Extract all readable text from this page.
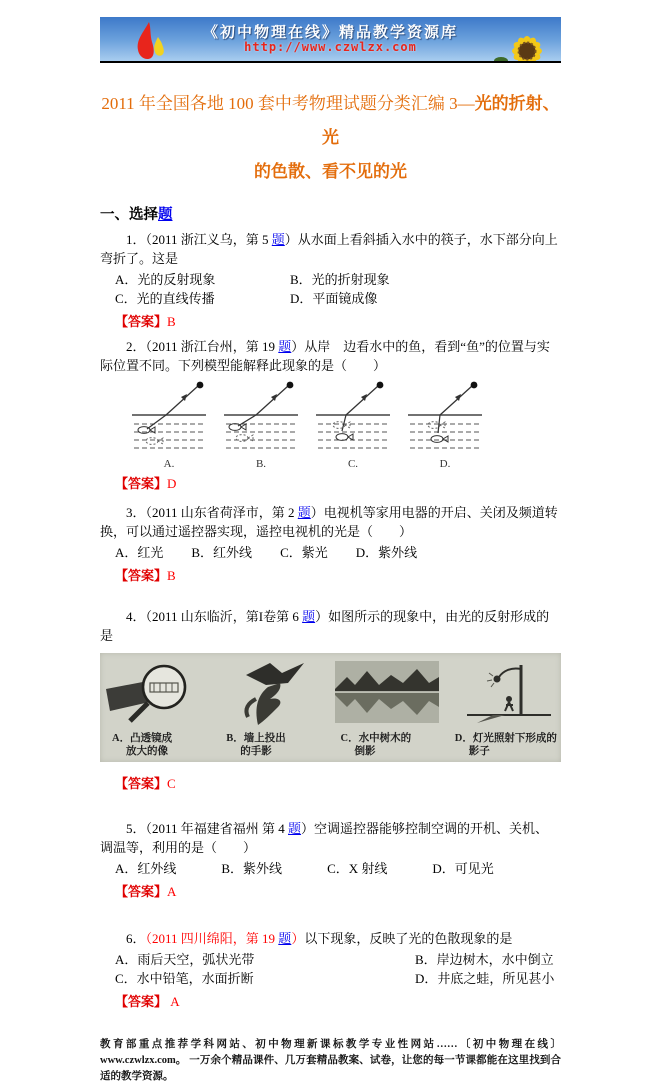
《初中物理在线》精品教学资源库
http://www.czwlzx.com
2011 年全国各地 100 套中考物理试题分类汇编 3—光的折射、光
的色散、看不见的光
一、选择题

1．（2011 浙江义乌，第 5 题）从水面上看斜插入水中的筷子，水下部分向上弯折了。这是

A．光的反射现象	B．光的折射现象
C．光的直线传播	D．平面镜成像
【答案】B

2．（2011 浙江台州，第 19 题）从岸　边看水中的鱼，看到“鱼”的位置与实际位置不同。下列模型能解释此现象的是（　　）

A.	B.	C.	D.
【答案】D

3．（2011 山东省荷泽市，第 2 题）电视机等家用电器的开启、关闭及频道转换，可以通过遥控器实现，遥控电视机的光是（　　）

A．红光 B．红外线 C．紫光 D．紫外线
【答案】B

4．（2011 山东临沂，第I卷第 6 题）如图所示的现象中，由光的反射形成的是

A．凸透镜成
放大的像
B．墙上投出
的手影
C．水中树木的
倒影
D．灯光照射下形成的
影子
【答案】C

5．（2011 年福建省福州 第 4 题）空调遥控器能够控制空调的开机、关机、调温等，利用的是（　　）

A．红外线	B．紫外线	C．X 射线	D．可见光
【答案】A

6．（2011 四川绵阳，第 19 题）以下现象，反映了光的色散现象的是

A．雨后天空，弧状光带	B．岸边树木，水中倒立
C．水中铅笔，水面折断	D．井底之蛙，所见甚小
【答案】 A
教育部重点推荐学科网站、初中物理新课标教学专业性网站……〔初中物理在线〕www.czwlzx.com。 一万余个精品课件、几万套精品教案、试卷，让您的每一节课都能在这里找到合适的教学资源。
